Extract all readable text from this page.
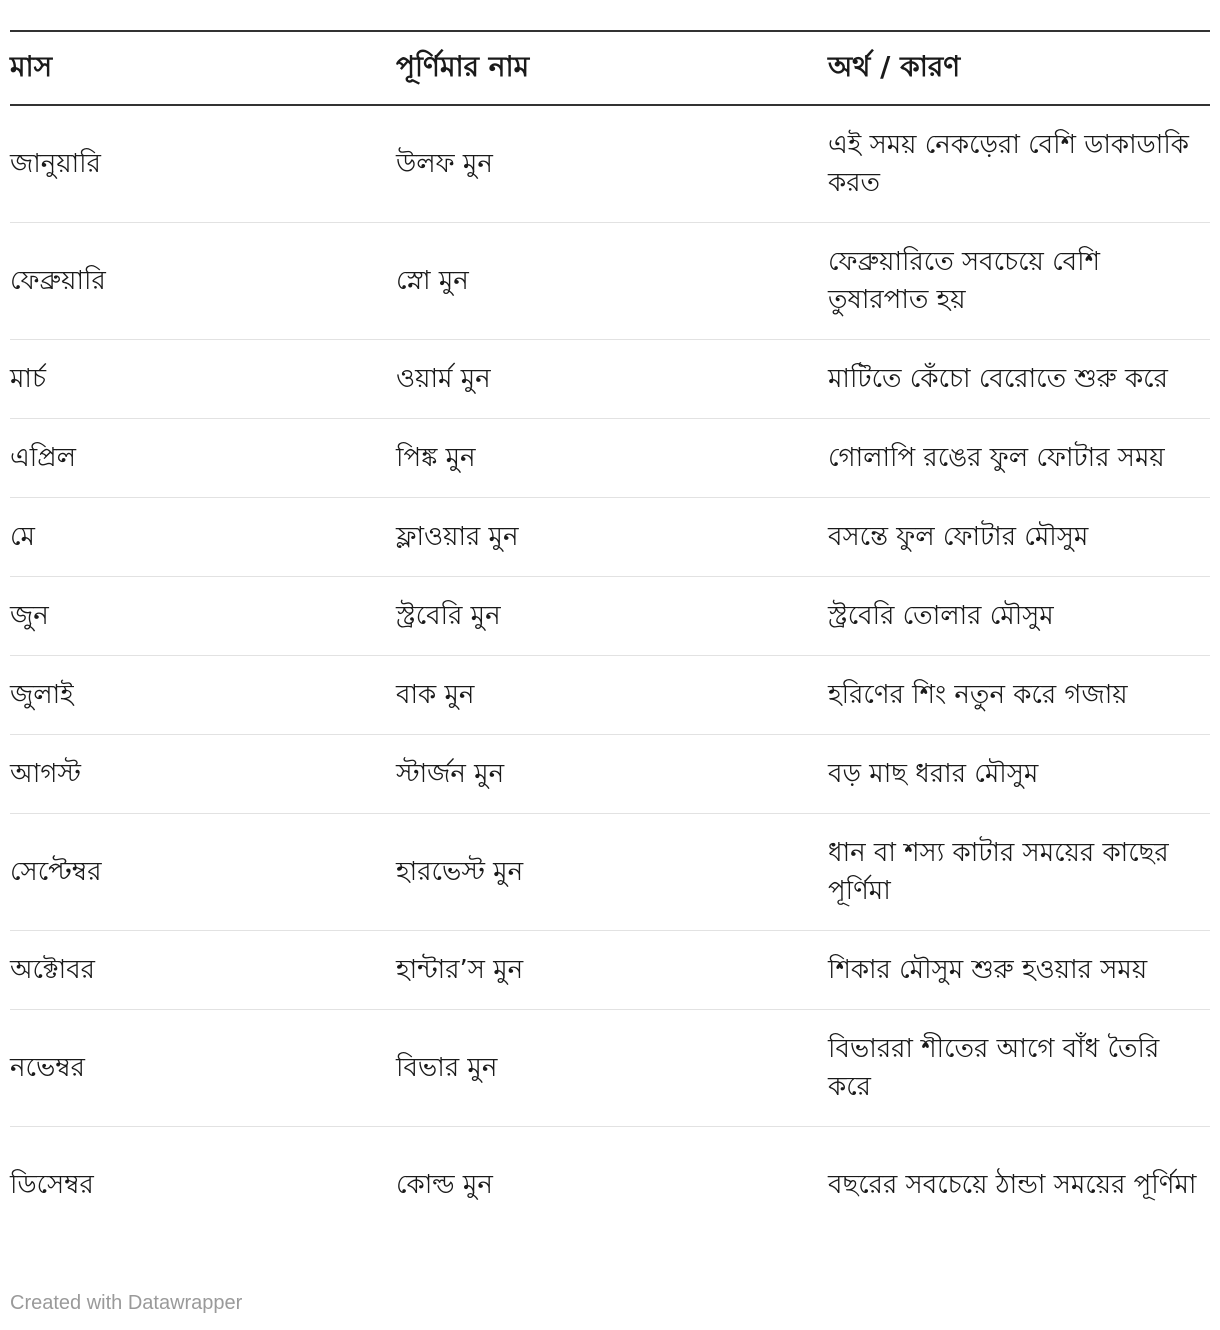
মাস	পূর্ণিমার নাম	অর্থ / কারণ
জানুয়ারি	উলফ মুন	এই সময় নেকড়েরা বেশি ডাকাডাকি করত
ফেব্রুয়ারি	স্নো মুন	ফেব্রুয়ারিতে সবচেয়ে বেশি তুষারপাত হয়
মার্চ	ওয়ার্ম মুন	মাটিতে কেঁচো বেরোতে শুরু করে
এপ্রিল	পিঙ্ক মুন	গোলাপি রঙের ফুল ফোটার সময়
মে	ফ্লাওয়ার মুন	বসন্তে ফুল ফোটার মৌসুম
জুন	স্ট্রবেরি মুন	স্ট্রবেরি তোলার মৌসুম
জুলাই	বাক মুন	হরিণের শিং নতুন করে গজায়
আগস্ট	স্টার্জন মুন	বড় মাছ ধরার মৌসুম
সেপ্টেম্বর	হারভেস্ট মুন	ধান বা শস্য কাটার সময়ের কাছের পূর্ণিমা
অক্টোবর	হান্টার’স মুন	শিকার মৌসুম শুরু হওয়ার সময়
নভেম্বর	বিভার মুন	বিভাররা শীতের আগে বাঁধ তৈরি করে
ডিসেম্বর	কোল্ড মুন	বছরের সবচেয়ে ঠান্ডা সময়ের পূর্ণিমা
Created with Datawrapper
